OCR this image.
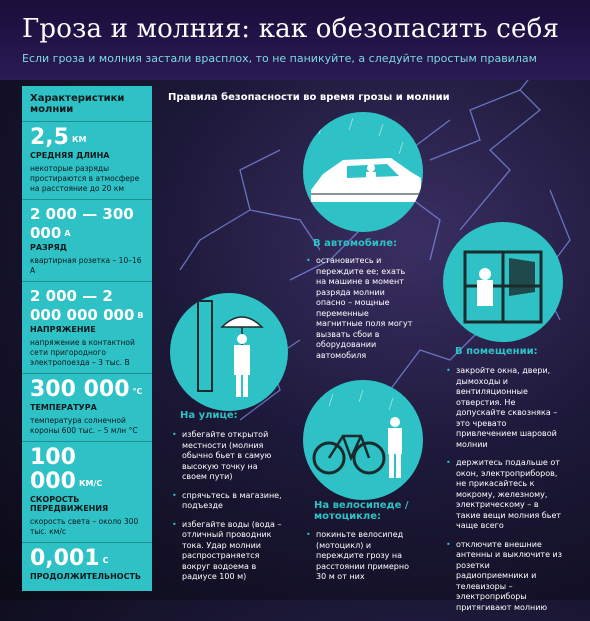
Гроза и молния: как обезопасить себя
Если гроза и молния застали врасплох, то не паникуйте, а следуйте простым правилам
Характеристики молнии
2,5 КМ
СРЕДНЯЯ ДЛИНА
некоторые разряды простираются в атмосфере на расстояние до 20 км
2 000 — 300 000 А
РАЗРЯД
квартирная розетка – 10–16 А
2 000 — 2 000 000 000 В
НАПРЯЖЕНИЕ
напряжение в контактной сети пригородного электропоезда – 3 тыс. В
300 000 °С
ТЕМПЕРАТУРА
температура солнечной короны 600 тыс. – 5 млн °С
100 000 КМ/С
СКОРОСТЬ ПЕРЕДВИЖЕНИЯ
скорость света – около 300 тыс. км/с
0,001 С
ПРОДОЛЖИТЕЛЬНОСТЬ
Правила безопасности во время грозы и молнии
В автомобиле:
• остановитесь и переждите ее; ехать на машине в момент разряда молнии опасно – мощные переменные магнитные поля могут вызвать сбои в оборудовании автомобиля	В помещении:
• закройте окна, двери, дымоходы и вентиляционные отверстия. Не допускайте сквозняка – это чревато привлечением шаровой молнии
• держитесь подальше от окон, электроприборов, не прикасайтесь к мокрому, железному, электрическому – в такие вещи молния бьет чаще всего
• отключите внешние антенны и выключите из розетки радиоприемники и телевизоры – электроприборы притягивают молнию
На улице:
• избегайте открытой местности (молния обычно бьет в самую высокую точку на своем пути)
• спрячьтесь в магазине, подъезде
• избегайте воды (вода – отличный проводник тока. Удар молнии распространяется вокруг водоема в радиусе 100 м)
На велосипеде / мотоцикле:
• покиньте велосипед (мотоцикл) и переждите грозу на расстоянии примерно 30 м от них
